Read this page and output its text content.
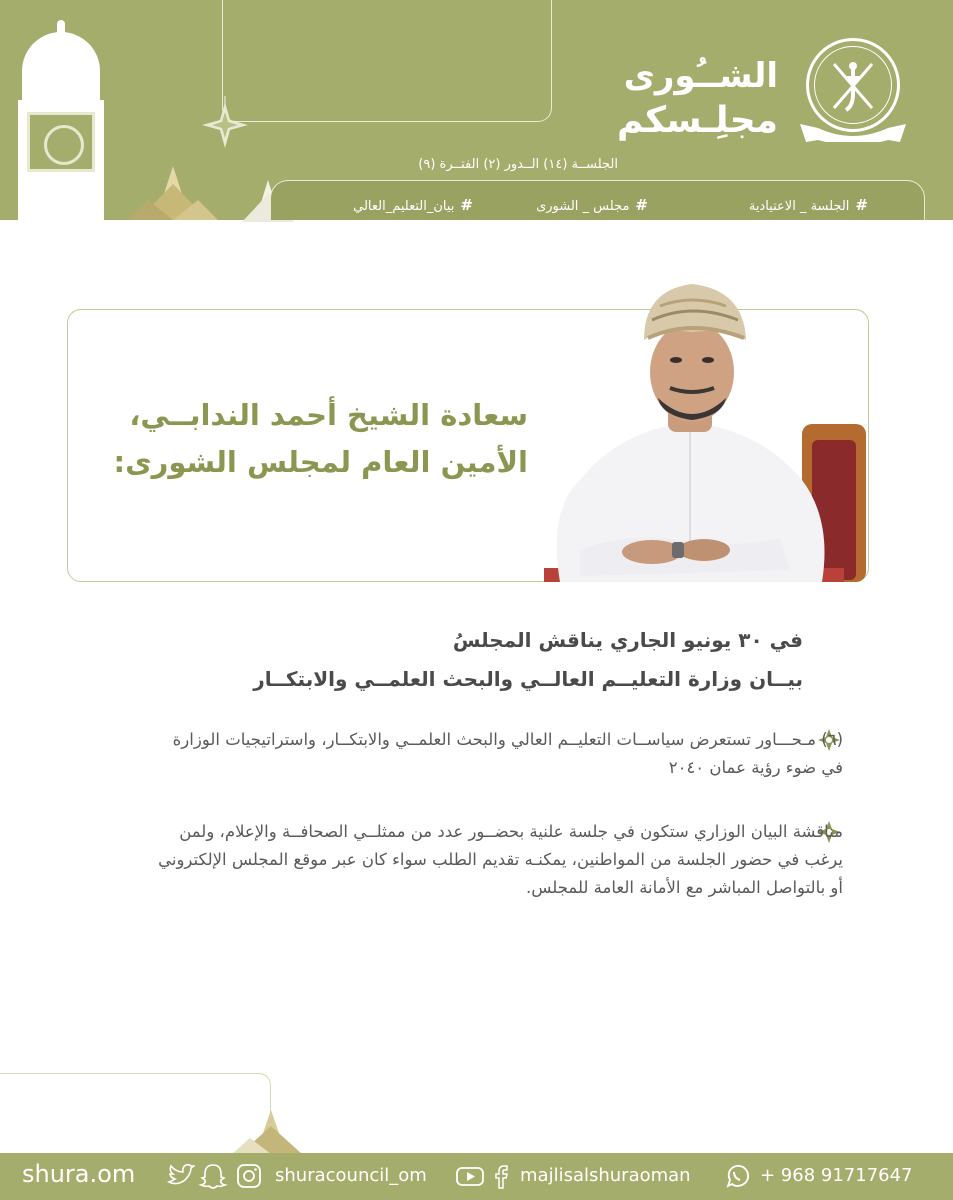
الشــُورى
مجلِـسكم
الجلســة (١٤) الــدور (٢) الفتــرة (٩)
#الجلسة _ الاعتيادية
#مجلس _ الشورى
#بيان_التعليم_العالي
سعادة الشيخ أحمد الندابــي،
الأمين العام لمجلس الشورى:
في ٣٠ يونيو الجاري يناقش المجلسُ
بيــان وزارة التعليــم العالــي والبحث العلمــي والابتكــار
(٦) مـحـــاور تستعرض سياســات التعليــم العالي والبحث العلمــي والابتكــار، واستراتيجيات الوزارة في ضوء رؤية عمان ٢٠٤٠
مناقشة البيان الوزاري ستكون في جلسة علنية بحضــور عدد من ممثلــي الصحافــة والإعلام، ولمن يرغب في حضور الجلسة من المواطنين، يمكنـه تقديم الطلب سواء كان عبر موقع المجلس الإلكتروني أو بالتواصل المباشر مع الأمانة العامة للمجلس.
shura.om	shuracouncil_om	majlisalshuraoman	+ 968 91717647
